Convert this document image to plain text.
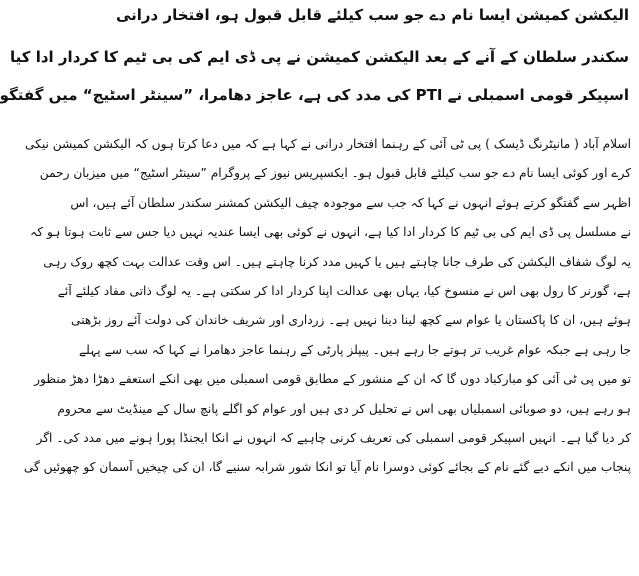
الیکشن کمیشن ایسا نام دے جو سب کیلئے قابل قبول ہو، افتخار درانی
سکندر سلطان کے آنے کے بعد الیکشن کمیشن نے پی ڈی ایم کی بی ٹیم کا کردار ادا کیا
اسپیکر قومی اسمبلی نے PTI کی مدد کی ہے، عاجز دھامرا، ”سینٹر اسٹیج“ میں گفتگو
اسلام آباد ( مانیٹرنگ ڈیسک ) پی ٹی آئی کے رہنما افتخار درانی نے کہا ہے کہ میں دعا کرتا ہوں کہ الیکشن کمیشن نیکی
کرے اور کوئی ایسا نام دے جو سب کیلئے قابل قبول ہو۔ ایکسپریس نیوز کے پروگرام ”سینٹر اسٹیج“ میں میزبان رحمن
اظہر سے گفتگو کرتے ہوئے انہوں نے کہا کہ جب سے موجودہ چیف الیکشن کمشنر سکندر سلطان آئے ہیں، اس
نے مسلسل پی ڈی ایم کی بی ٹیم کا کردار ادا کیا ہے، انہوں نے کوئی بھی ایسا عندیہ نہیں دیا جس سے ثابت ہوتا ہو کہ
یہ لوگ شفاف الیکشن کی طرف جانا چاہتے ہیں یا کہیں مدد کرنا چاہتے ہیں۔ اس وقت عدالت بہت کچھ روک رہی
ہے، گورنر کا رول بھی اس نے منسوخ کیا، یہاں بھی عدالت اپنا کردار ادا کر سکتی ہے۔ یہ لوگ ذاتی مفاد کیلئے آئے
ہوئے ہیں، ان کا پاکستان یا عوام سے کچھ لینا دینا نہیں ہے۔ زرداری اور شریف خاندان کی دولت آئے روز بڑھتی
جا رہی ہے جبکہ عوام غریب تر ہوتے جا رہے ہیں۔ پیپلز پارٹی کے رہنما عاجز دھامرا نے کہا کہ سب سے پہلے
تو میں پی ٹی آئی کو مبارکباد دوں گا کہ ان کے منشور کے مطابق قومی اسمبلی میں بھی انکے استعفے دھڑا دھڑ منظور
ہو رہے ہیں، دو صوبائی اسمبلیاں بھی اس نے تحلیل کر دی ہیں اور عوام کو اگلے پانچ سال کے مینڈیٹ سے محروم
کر دیا گیا ہے۔ انہیں اسپیکر قومی اسمبلی کی تعریف کرنی چاہیے کہ انہوں نے انکا ایجنڈا پورا ہونے میں مدد کی۔ اگر
پنجاب میں انکے دیے گئے نام کے بجائے کوئی دوسرا نام آیا تو انکا شور شرابہ سنیے گا، ان کی چیخیں آسمان کو چھوئیں گی
